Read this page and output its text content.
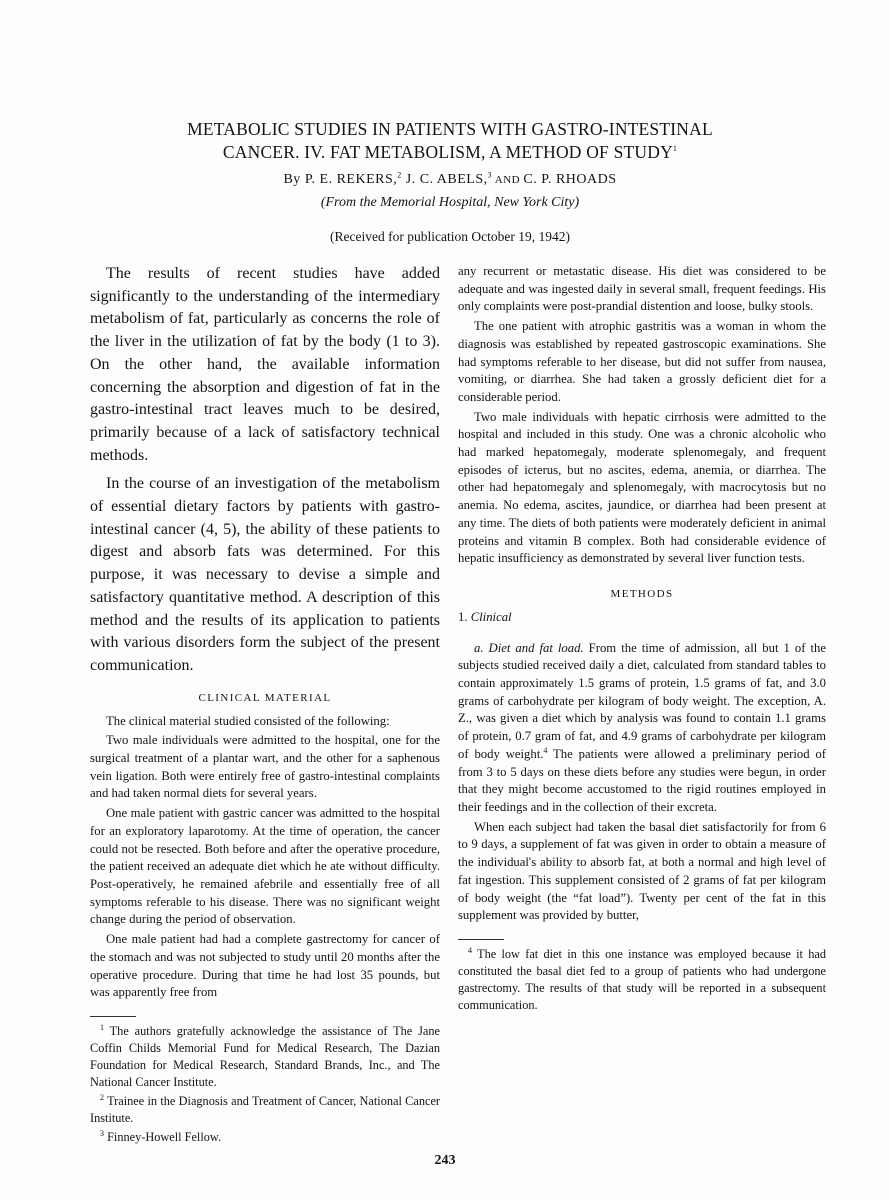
METABOLIC STUDIES IN PATIENTS WITH GASTRO-INTESTINAL
CANCER. IV. FAT METABOLISM, A METHOD OF STUDY$^1$
By P. E. REKERS,$^2$ J. C. ABELS,$^3$ AND C. P. RHOADS
(From the Memorial Hospital, New York City)
(Received for publication October 19, 1942)

The results of recent studies have added significantly to the understanding of the intermediary metabolism of fat, particularly as concerns the role of the liver in the utilization of fat by the body (1 to 3). On the other hand, the available information concerning the absorption and digestion of fat in the gastro-intestinal tract leaves much to be desired, primarily because of a lack of satisfactory technical methods.

In the course of an investigation of the metabolism of essential dietary factors by patients with gastro-intestinal cancer (4, 5), the ability of these patients to digest and absorb fats was determined. For this purpose, it was necessary to devise a simple and satisfactory quantitative method. A description of this method and the results of its application to patients with various disorders form the subject of the present communication.

CLINICAL MATERIAL

The clinical material studied consisted of the following:

Two male individuals were admitted to the hospital, one for the surgical treatment of a plantar wart, and the other for a saphenous vein ligation. Both were entirely free of gastro-intestinal complaints and had taken normal diets for several years.

One male patient with gastric cancer was admitted to the hospital for an exploratory laparotomy. At the time of operation, the cancer could not be resected. Both before and after the operative procedure, the patient received an adequate diet which he ate without difficulty. Post-operatively, he remained afebrile and essentially free of all symptoms referable to his disease. There was no significant weight change during the period of observation.

One male patient had had a complete gastrectomy for cancer of the stomach and was not subjected to study until 20 months after the operative procedure. During that time he had lost 35 pounds, but was apparently free from

$^1$ The authors gratefully acknowledge the assistance of The Jane Coffin Childs Memorial Fund for Medical Research, The Dazian Foundation for Medical Research, Standard Brands, Inc., and The National Cancer Institute.

$^2$ Trainee in the Diagnosis and Treatment of Cancer, National Cancer Institute.

$^3$ Finney-Howell Fellow.

any recurrent or metastatic disease. His diet was considered to be adequate and was ingested daily in several small, frequent feedings. His only complaints were post-prandial distention and loose, bulky stools.

The one patient with atrophic gastritis was a woman in whom the diagnosis was established by repeated gastroscopic examinations. She had symptoms referable to her disease, but did not suffer from nausea, vomiting, or diarrhea. She had taken a grossly deficient diet for a considerable period.

Two male individuals with hepatic cirrhosis were admitted to the hospital and included in this study. One was a chronic alcoholic who had marked hepatomegaly, moderate splenomegaly, and frequent episodes of icterus, but no ascites, edema, anemia, or diarrhea. The other had hepatomegaly and splenomegaly, with macrocytosis but no anemia. No edema, ascites, jaundice, or diarrhea had been present at any time. The diets of both patients were moderately deficient in animal proteins and vitamin B complex. Both had considerable evidence of hepatic insufficiency as demonstrated by several liver function tests.

METHODS
1. Clinical

a. Diet and fat load. From the time of admission, all but 1 of the subjects studied received daily a diet, calculated from standard tables to contain approximately 1.5 grams of protein, 1.5 grams of fat, and 3.0 grams of carbohydrate per kilogram of body weight. The exception, A. Z., was given a diet which by analysis was found to contain 1.1 grams of protein, 0.7 gram of fat, and 4.9 grams of carbohydrate per kilogram of body weight.$^4$ The patients were allowed a preliminary period of from 3 to 5 days on these diets before any studies were begun, in order that they might become accustomed to the rigid routines employed in their feedings and in the collection of their excreta.

When each subject had taken the basal diet satisfactorily for from 6 to 9 days, a supplement of fat was given in order to obtain a measure of the individual's ability to absorb fat, at both a normal and high level of fat ingestion. This supplement consisted of 2 grams of fat per kilogram of body weight (the “fat load”). Twenty per cent of the fat in this supplement was provided by butter,

$^4$ The low fat diet in this one instance was employed because it had constituted the basal diet fed to a group of patients who had undergone gastrectomy. The results of that study will be reported in a subsequent communication.

243
